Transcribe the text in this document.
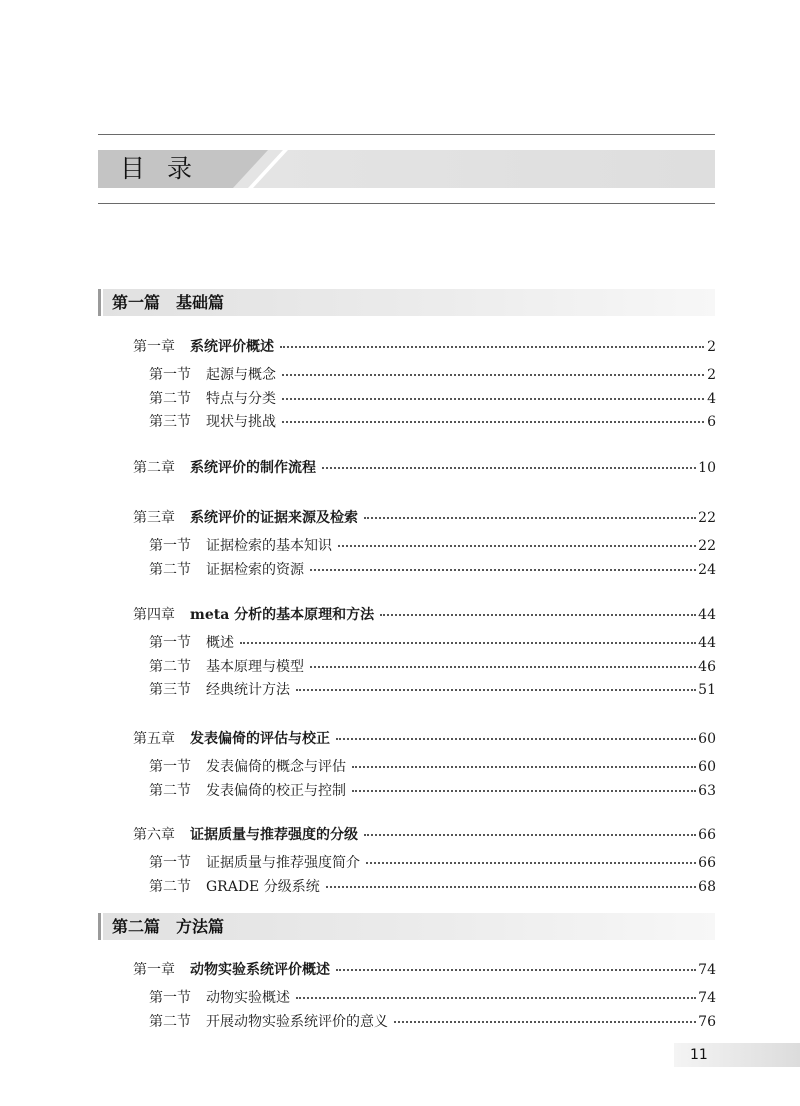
目录
第一篇 基础篇
第一章 系统评价概述	2
第一节 起源与概念	2
第二节 特点与分类	4
第三节 现状与挑战	6
第二章 系统评价的制作流程	10
第三章 系统评价的证据来源及检索	22
第一节 证据检索的基本知识	22
第二节 证据检索的资源	24
第四章 meta 分析的基本原理和方法	44
第一节 概述	44
第二节 基本原理与模型	46
第三节 经典统计方法	51
第五章 发表偏倚的评估与校正	60
第一节 发表偏倚的概念与评估	60
第二节 发表偏倚的校正与控制	63
第六章 证据质量与推荐强度的分级	66
第一节 证据质量与推荐强度简介	66
第二节 GRADE 分级系统	68
第二篇 方法篇
第一章 动物实验系统评价概述	74
第一节 动物实验概述	74
第二节 开展动物实验系统评价的意义	76
11
